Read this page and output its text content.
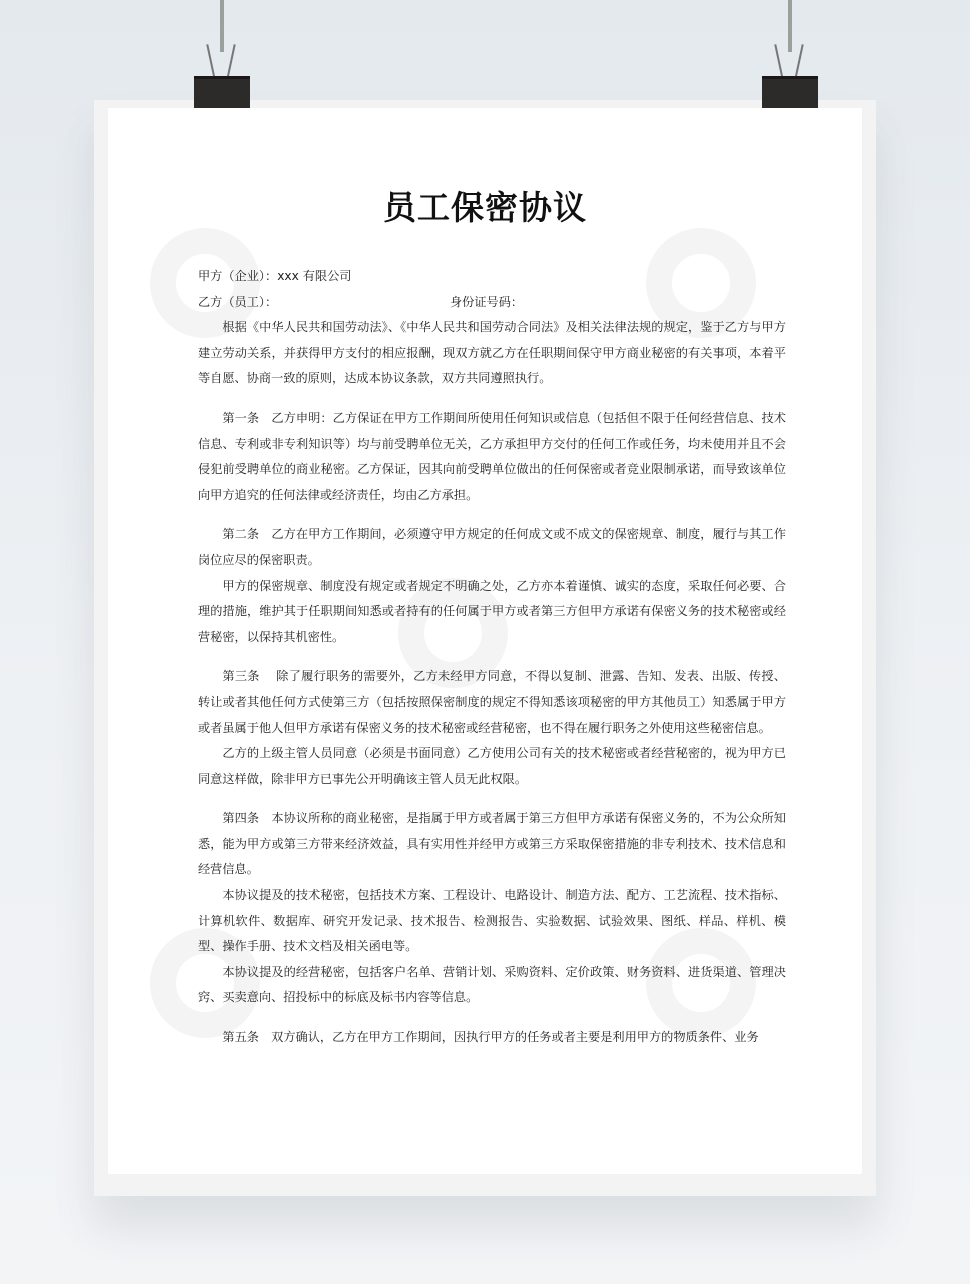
员工保密协议

甲方（企业）：xxx 有限公司

乙方（员工）：	身份证号码：

根据《中华人民共和国劳动法》、《中华人民共和国劳动合同法》及相关法律法规的规定，鉴于乙方与甲方建立劳动关系，并获得甲方支付的相应报酬，现双方就乙方在任职期间保守甲方商业秘密的有关事项，本着平等自愿、协商一致的原则，达成本协议条款，双方共同遵照执行。

第一条　乙方申明：乙方保证在甲方工作期间所使用任何知识或信息（包括但不限于任何经营信息、技术信息、专利或非专利知识等）均与前受聘单位无关，乙方承担甲方交付的任何工作或任务，均未使用并且不会侵犯前受聘单位的商业秘密。乙方保证，因其向前受聘单位做出的任何保密或者竞业限制承诺，而导致该单位向甲方追究的任何法律或经济责任，均由乙方承担。

第二条　乙方在甲方工作期间，必须遵守甲方规定的任何成文或不成文的保密规章、制度，履行与其工作岗位应尽的保密职责。

甲方的保密规章、制度没有规定或者规定不明确之处，乙方亦本着谨慎、诚实的态度，采取任何必要、合理的措施，维护其于任职期间知悉或者持有的任何属于甲方或者第三方但甲方承诺有保密义务的技术秘密或经营秘密，以保持其机密性。

第三条　 除了履行职务的需要外，乙方未经甲方同意，不得以复制、泄露、告知、发表、出版、传授、转让或者其他任何方式使第三方（包括按照保密制度的规定不得知悉该项秘密的甲方其他员工）知悉属于甲方或者虽属于他人但甲方承诺有保密义务的技术秘密或经营秘密，也不得在履行职务之外使用这些秘密信息。

乙方的上级主管人员同意（必须是书面同意）乙方使用公司有关的技术秘密或者经营秘密的，视为甲方已同意这样做，除非甲方已事先公开明确该主管人员无此权限。

第四条　本协议所称的商业秘密，是指属于甲方或者属于第三方但甲方承诺有保密义务的，不为公众所知悉，能为甲方或第三方带来经济效益，具有实用性并经甲方或第三方采取保密措施的非专利技术、技术信息和经营信息。

本协议提及的技术秘密，包括技术方案、工程设计、电路设计、制造方法、配方、工艺流程、技术指标、计算机软件、数据库、研究开发记录、技术报告、检测报告、实验数据、试验效果、图纸、样品、样机、模型、操作手册、技术文档及相关函电等。

本协议提及的经营秘密，包括客户名单、营销计划、采购资料、定价政策、财务资料、进货渠道、管理决窍、买卖意向、招投标中的标底及标书内容等信息。

第五条　双方确认，乙方在甲方工作期间，因执行甲方的任务或者主要是利用甲方的物质条件、业务
